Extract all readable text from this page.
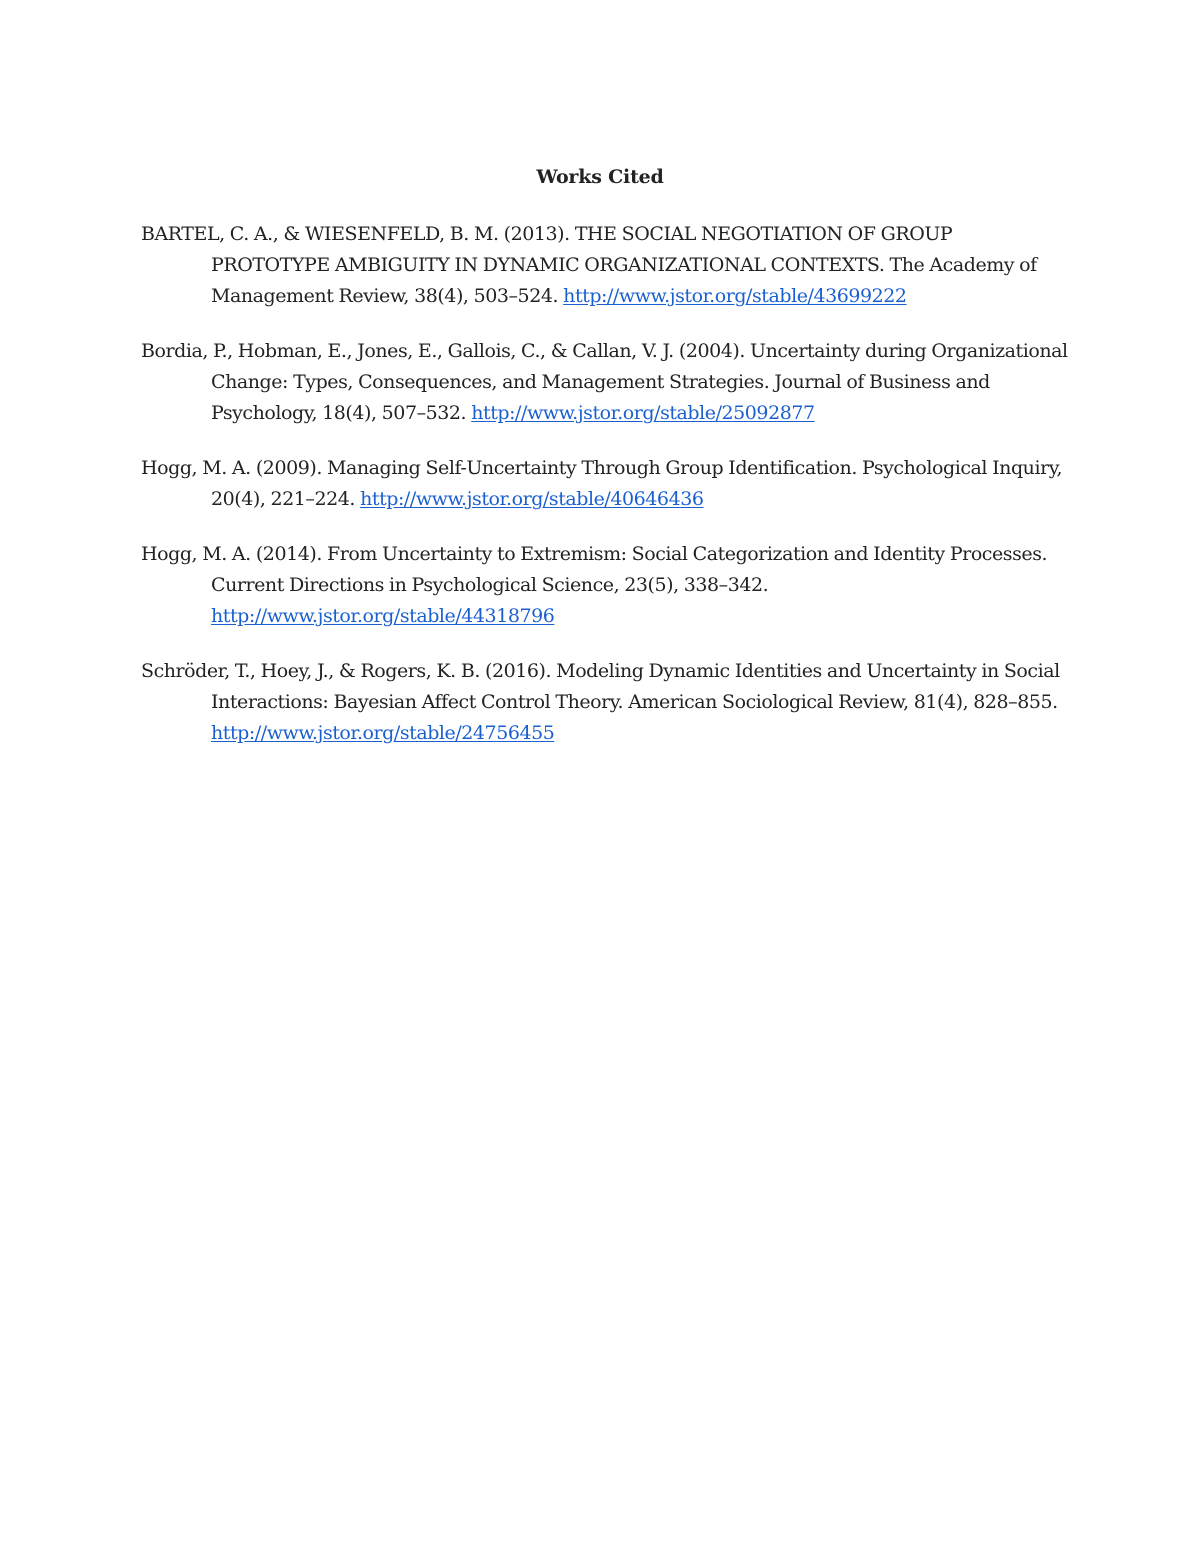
Works Cited

BARTEL, C. A., & WIESENFELD, B. M. (2013). THE SOCIAL NEGOTIATION OF GROUP PROTOTYPE AMBIGUITY IN DYNAMIC ORGANIZATIONAL CONTEXTS. The Academy of Management Review, 38(4), 503–524. http://www.jstor.org/stable/43699222

Bordia, P., Hobman, E., Jones, E., Gallois, C., & Callan, V. J. (2004). Uncertainty during Organizational Change: Types, Consequences, and Management Strategies. Journal of Business and Psychology, 18(4), 507–532. http://www.jstor.org/stable/25092877

Hogg, M. A. (2009). Managing Self-Uncertainty Through Group Identification. Psychological Inquiry, 20(4), 221–224. http://www.jstor.org/stable/40646436

Hogg, M. A. (2014). From Uncertainty to Extremism: Social Categorization and Identity Processes. Current Directions in Psychological Science, 23(5), 338–342. http://www.jstor.org/stable/44318796

Schröder, T., Hoey, J., & Rogers, K. B. (2016). Modeling Dynamic Identities and Uncertainty in Social Interactions: Bayesian Affect Control Theory. American Sociological Review, 81(4), 828–855. http://www.jstor.org/stable/24756455
